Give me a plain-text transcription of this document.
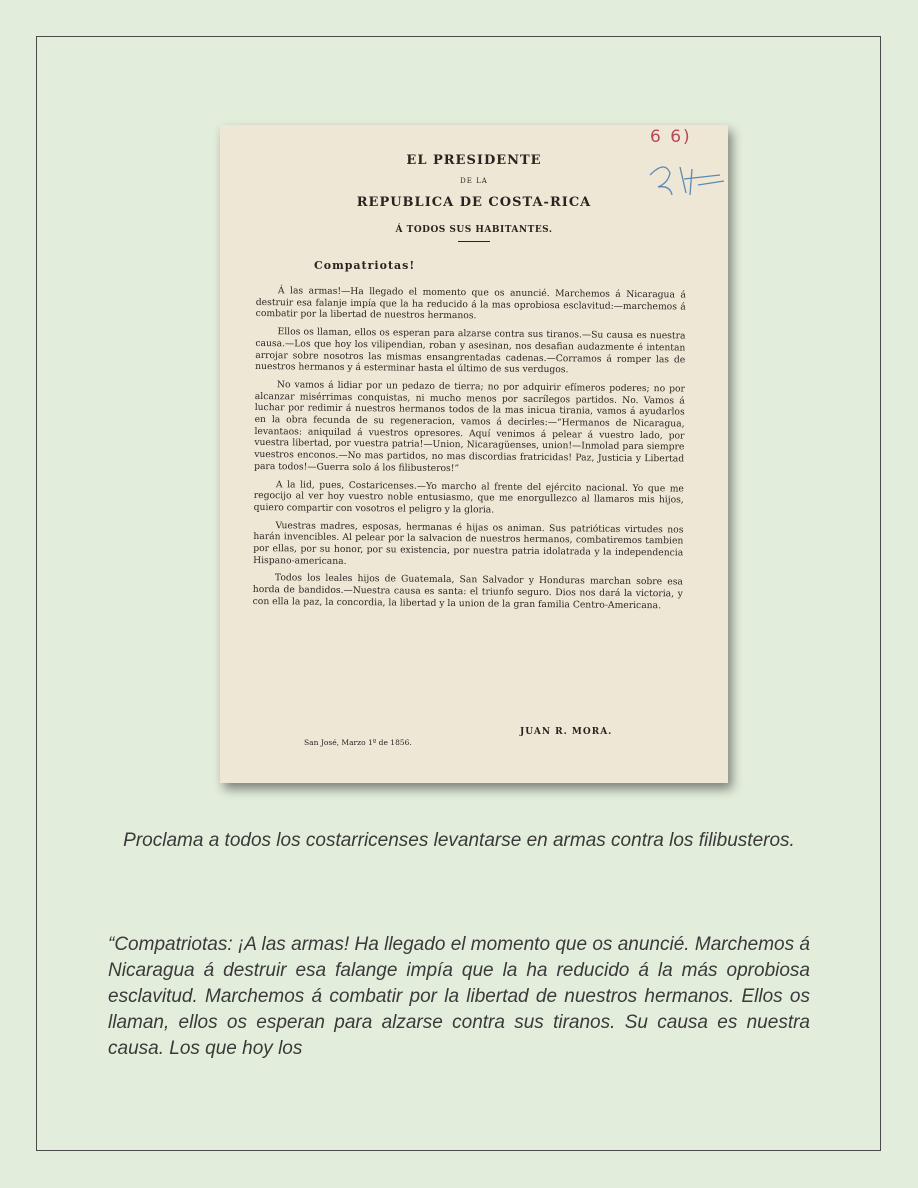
6 6)
EL PRESIDENTE
DE LA
REPUBLICA DE COSTA-RICA
Á TODOS SUS HABITANTES.
Compatriotas!

Á las armas!—Ha llegado el momento que os anuncié. Marchemos á Nicaragua á destruir esa falanje impía que la ha reducido á la mas oprobiosa esclavitud:—marchemos á combatir por la libertad de nuestros hermanos.

Ellos os llaman, ellos os esperan para alzarse contra sus tiranos.—Su causa es nuestra causa.—Los que hoy los vilipendian, roban y asesinan, nos desafian audazmente é intentan arrojar sobre nosotros las mismas ensangrentadas cadenas.—Corramos á romper las de nuestros hermanos y á esterminar hasta el último de sus verdugos.

No vamos á lidiar por un pedazo de tierra; no por adquirir efímeros poderes; no por alcanzar misérrimas conquistas, ni mucho menos por sacrílegos partidos. No. Vamos á luchar por redimir á nuestros hermanos todos de la mas inicua tirania, vamos á ayudarlos en la obra fecunda de su regeneracion, vamos á decirles:—“Hermanos de Nicaragua, levantaos: aniquilad á vuestros opresores. Aquí venimos á pelear á vuestro lado, por vuestra libertad, por vuestra patria!—Union, Nicaragüenses, union!—Inmolad para siempre vuestros enconos.—No mas partidos, no mas discordias fratricidas! Paz, Justicia y Libertad para todos!—Guerra solo á los filibusteros!”

A la lid, pues, Costaricenses.—Yo marcho al frente del ejército nacional. Yo que me regocijo al ver hoy vuestro noble entusiasmo, que me enorgullezco al llamaros mis hijos, quiero compartir con vosotros el peligro y la gloria.

Vuestras madres, esposas, hermanas é hijas os animan. Sus patrióticas virtudes nos harán invencibles. Al pelear por la salvacion de nuestros hermanos, combatiremos tambien por ellas, por su honor, por su existencia, por nuestra patria idolatrada y la independencia Hispano-americana.

Todos los leales hijos de Guatemala, San Salvador y Honduras marchan sobre esa horda de bandidos.—Nuestra causa es santa: el triunfo seguro. Dios nos dará la victoria, y con ella la paz, la concordia, la libertad y la union de la gran familia Centro-Americana.

JUAN R. MORA.
San José, Marzo 1º de 1856.
Proclama a todos los costarricenses levantarse en armas contra los filibusteros.
“Compatriotas: ¡A las armas! Ha llegado el momento que os anuncié. Marchemos á Nicaragua á destruir esa falange impía que la ha reducido á la más oprobiosa esclavitud. Marchemos á combatir por la libertad de nuestros hermanos. Ellos os llaman, ellos os esperan para alzarse contra sus tiranos. Su causa es nuestra causa. Los que hoy los
